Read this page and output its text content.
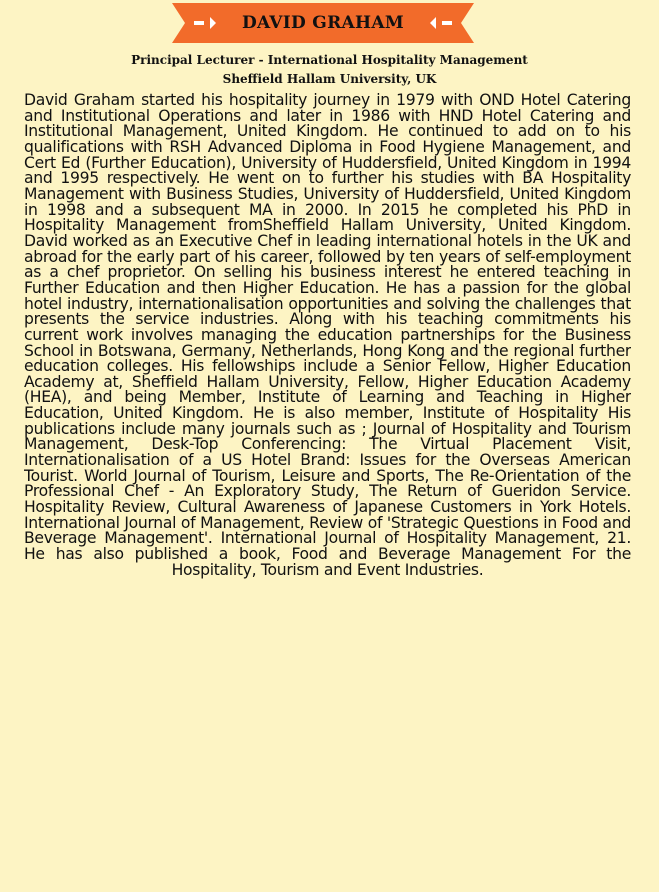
DAVID GRAHAM
Principal Lecturer - International Hospitality Management
Sheffield Hallam University, UK

David Graham started his hospitality journey in 1979 with OND Hotel Catering and Institutional Operations and later in 1986 with HND Hotel Catering and Institutional Management, United Kingdom. He continued to add on to his qualifications with RSH Advanced Diploma in Food Hygiene Management, and Cert Ed (Further Education), University of Huddersfield, United Kingdom in 1994 and 1995 respectively. He went on to further his studies with BA Hospitality Management with Business Studies, University of Huddersfield, United Kingdom in 1998 and a subsequent MA in 2000. In 2015 he completed his PhD in Hospitality Management fromSheffield Hallam University, United Kingdom. David worked as an Executive Chef in leading international hotels in the UK and abroad for the early part of his career, followed by ten years of self-employment as a chef proprietor. On selling his business interest he entered teaching in Further Education and then Higher Education. He has a passion for the global hotel industry, internationalisation opportunities and solving the challenges that presents the service industries. Along with his teaching commitments his current work involves managing the education partnerships for the Business School in Botswana, Germany, Netherlands, Hong Kong and the regional further education colleges. His fellowships include a Senior Fellow, Higher Education Academy at, Sheffield Hallam University, Fellow, Higher Education Academy (HEA), and being Member, Institute of Learning and Teaching in Higher Education, United Kingdom. He is also member, Institute of Hospitality His publications include many journals such as ; Journal of Hospitality and Tourism Management, Desk-Top Conferencing: The Virtual Placement Visit, Internationalisation of a US Hotel Brand: Issues for the Overseas American Tourist. World Journal of Tourism, Leisure and Sports, The Re-Orientation of the Professional Chef - An Exploratory Study, The Return of Gueridon Service. Hospitality Review, Cultural Awareness of Japanese Customers in York Hotels. International Journal of Management, Review of 'Strategic Questions in Food and Beverage Management'. International Journal of Hospitality Management, 21. He has also published a book, Food and Beverage Management For the Hospitality, Tourism and Event Industries.
